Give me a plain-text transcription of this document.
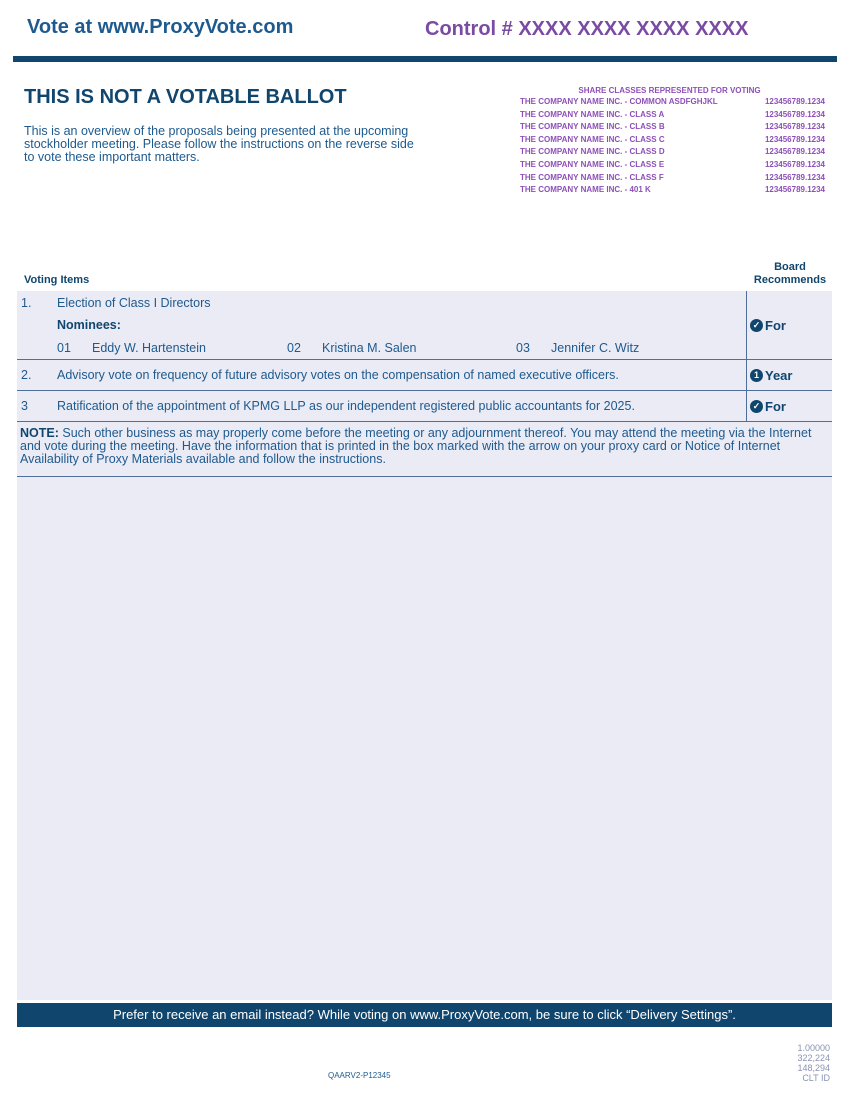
Vote at www.ProxyVote.com	Control # XXXX XXXX XXXX XXXX
THIS IS NOT A VOTABLE BALLOT
This is an overview of the proposals being presented at the upcoming stockholder meeting. Please follow the instructions on the reverse side to vote these important matters.
SHARE CLASSES REPRESENTED FOR VOTING
THE COMPANY NAME INC. - COMMON ASDFGHJKL	123456789.1234
THE COMPANY NAME INC. - CLASS A	123456789.1234
THE COMPANY NAME INC. - CLASS B	123456789.1234
THE COMPANY NAME INC. - CLASS C	123456789.1234
THE COMPANY NAME INC. - CLASS D	123456789.1234
THE COMPANY NAME INC. - CLASS E	123456789.1234
THE COMPANY NAME INC. - CLASS F	123456789.1234
THE COMPANY NAME INC. - 401 K	123456789.1234
Voting Items
Board
Recommends
1. Election of Class I Directors
Nominees:
01 Eddy W. Hartenstein	02 Kristina M. Salen	03 Jennifer C. Witz
✓ For
2. Advisory vote on frequency of future advisory votes on the compensation of named executive officers.	1 Year
3 Ratification of the appointment of KPMG LLP as our independent registered public accountants for 2025.	✓ For
NOTE: Such other business as may properly come before the meeting or any adjournment thereof. You may attend the meeting via the Internet and vote during the meeting. Have the information that is printed in the box marked with the arrow on your proxy card or Notice of Internet Availability of Proxy Materials available and follow the instructions.
Prefer to receive an email instead? While voting on www.ProxyVote.com, be sure to click “Delivery Settings”.
QAARV2-P12345
1.00000
322,224
148,294
CLT ID
